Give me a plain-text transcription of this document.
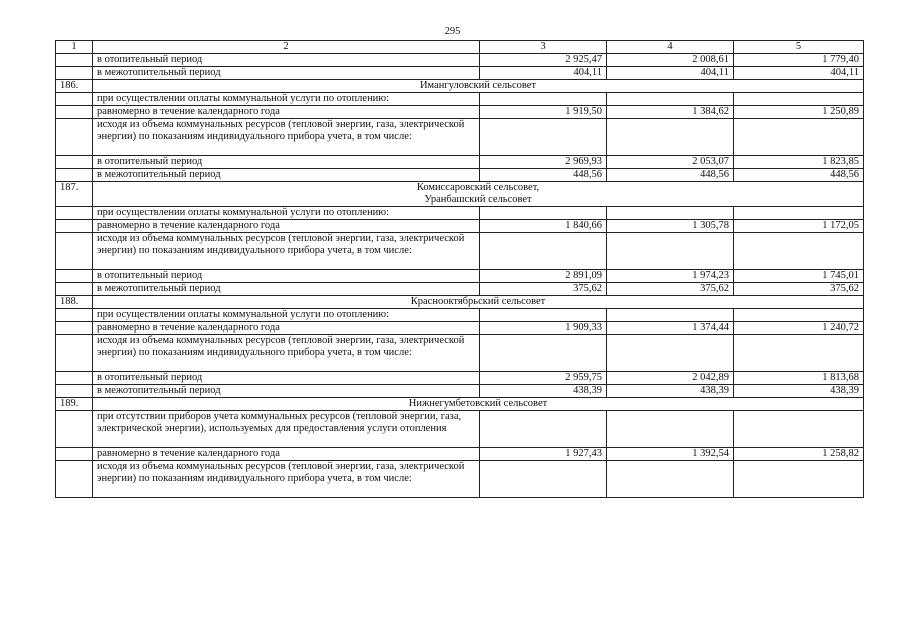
295
1	2	3	4	5
	в отопительный период	2 925,47	2 008,61	1 779,40
	в межотопительный период	404,11	404,11	404,11
186.	Имангуловский сельсовет			

	при осуществлении оплаты коммунальной услуги по отоплению:			
	равномерно в течение календарного года	1 919,50	1 384,62	1 250,89
	исходя из объема коммунальных ресурсов (тепловой энергии, газа, электрической энергии) по показаниям индивидуального прибора учета, в том числе:			
	в отопительный период	2 969,93	2 053,07	1 823,85
	в межотопительный период	448,56	448,56	448,56
187.	Комиссаровский сельсовет,
Уранбашский сельсовет			

	при осуществлении оплаты коммунальной услуги по отоплению:			
	равномерно в течение календарного года	1 840,66	1 305,78	1 172,05
	исходя из объема коммунальных ресурсов (тепловой энергии, газа, электрической энергии) по показаниям индивидуального прибора учета, в том числе:			
	в отопительный период	2 891,09	1 974,23	1 745,01
	в межотопительный период	375,62	375,62	375,62
188.	Краснооктябрьский сельсовет			

	при осуществлении оплаты коммунальной услуги по отоплению:			
	равномерно в течение календарного года	1 909,33	1 374,44	1 240,72
	исходя из объема коммунальных ресурсов (тепловой энергии, газа, электрической энергии) по показаниям индивидуального прибора учета, в том числе:			
	в отопительный период	2 959,75	2 042,89	1 813,68
	в межотопительный период	438,39	438,39	438,39
189.	Нижнегумбетовский сельсовет			

	при отсутствии приборов учета коммунальных ресурсов (тепловой энергии, газа, электрической энергии), используемых для предоставления услуги отопления			
	равномерно в течение календарного года	1 927,43	1 392,54	1 258,82
	исходя из объема коммунальных ресурсов (тепловой энергии, газа, электрической энергии) по показаниям индивидуального прибора учета, в том числе:			
